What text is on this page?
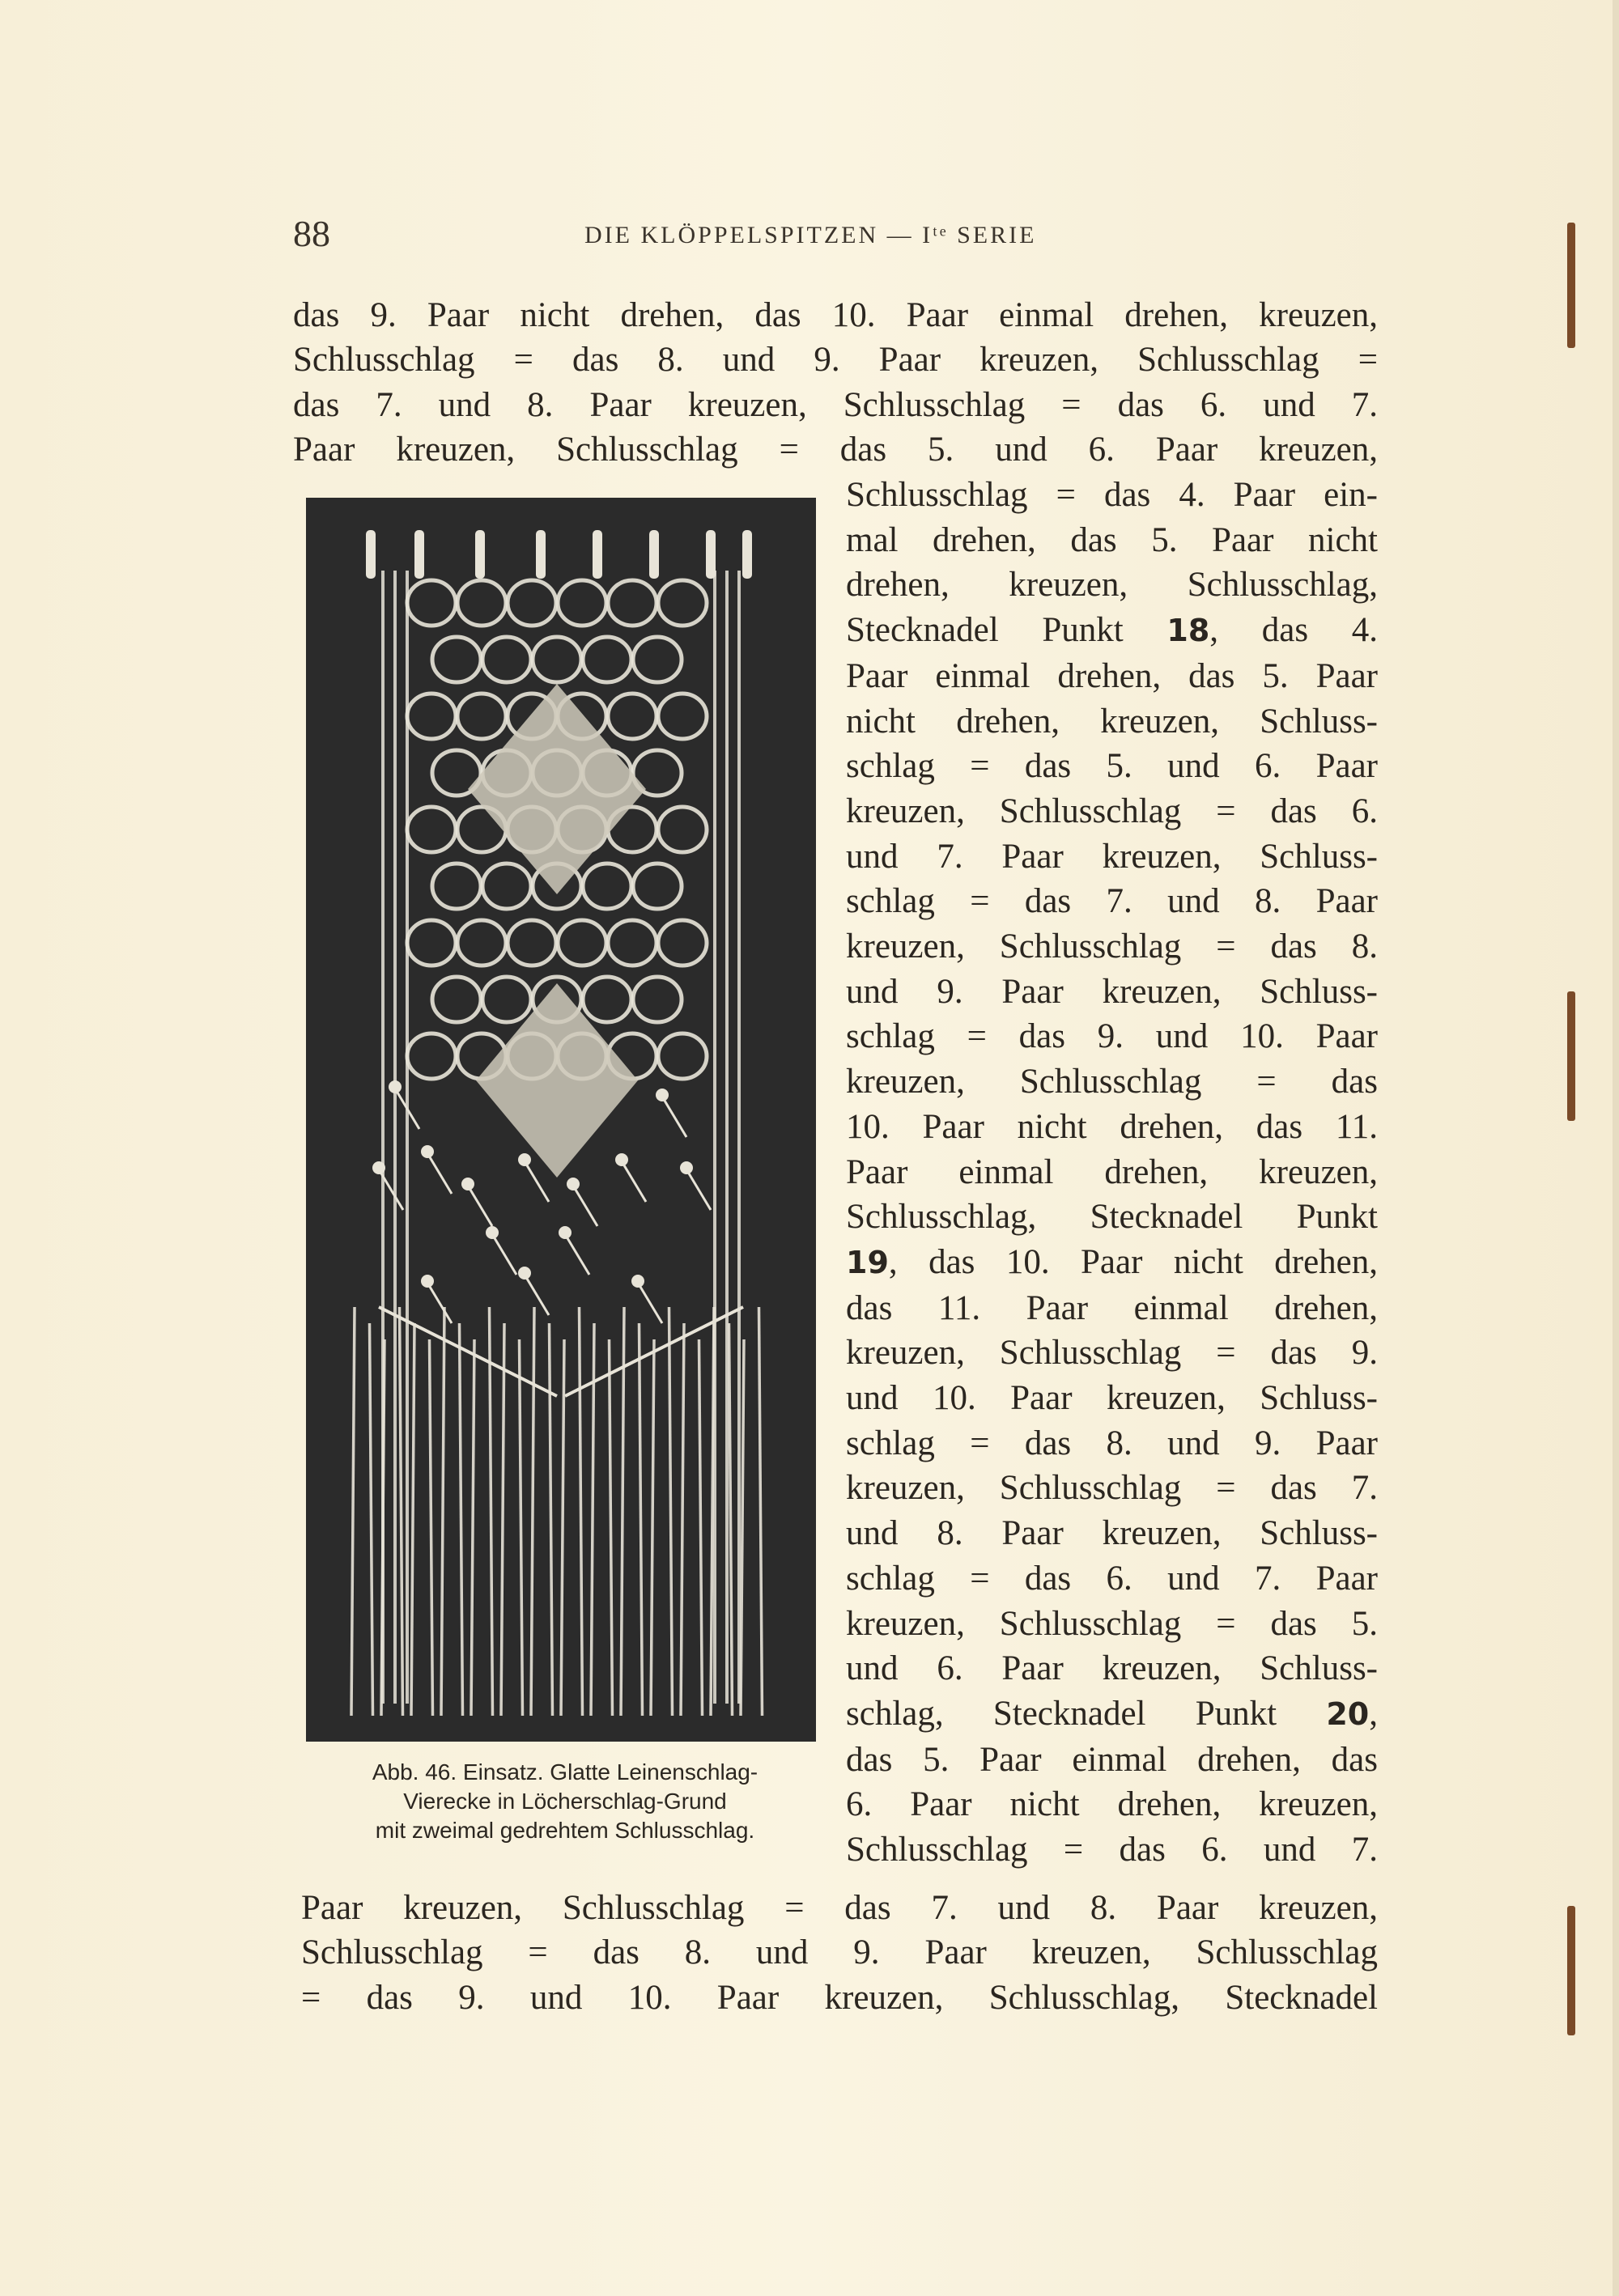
88	DIE KLÖPPELSPITZEN — Iᵗᵉ SERIE
das 9. Paar nicht drehen, das 10. Paar einmal drehen, kreuzen,
Schlusschlag = das 8. und 9. Paar kreuzen, Schlusschlag =
das 7. und 8. Paar kreuzen, Schlusschlag = das 6. und 7.
Paar kreuzen, Schlusschlag = das 5. und 6. Paar kreuzen,
Abb. 46. Einsatz. Glatte Leinenschlag-
Vierecke in Löcherschlag-Grund
mit zweimal gedrehtem Schlusschlag.
Schlusschlag = das 4. Paar ein-
mal drehen, das 5. Paar nicht
drehen, kreuzen, Schlusschlag,
Stecknadel Punkt 18, das 4.
Paar einmal drehen, das 5. Paar
nicht drehen, kreuzen, Schluss-
schlag = das 5. und 6. Paar
kreuzen, Schlusschlag = das 6.
und 7. Paar kreuzen, Schluss-
schlag = das 7. und 8. Paar
kreuzen, Schlusschlag = das 8.
und 9. Paar kreuzen, Schluss-
schlag = das 9. und 10. Paar
kreuzen, Schlusschlag = das
10. Paar nicht drehen, das 11.
Paar einmal drehen, kreuzen,
Schlusschlag, Stecknadel Punkt
19, das 10. Paar nicht drehen,
das 11. Paar einmal drehen,
kreuzen, Schlusschlag = das 9.
und 10. Paar kreuzen, Schluss-
schlag = das 8. und 9. Paar
kreuzen, Schlusschlag = das 7.
und 8. Paar kreuzen, Schluss-
schlag = das 6. und 7. Paar
kreuzen, Schlusschlag = das 5.
und 6. Paar kreuzen, Schluss-
schlag, Stecknadel Punkt 20,
das 5. Paar einmal drehen, das
6. Paar nicht drehen, kreuzen,
Schlusschlag = das 6. und 7.
Paar kreuzen, Schlusschlag = das 7. und 8. Paar kreuzen,
Schlusschlag = das 8. und 9. Paar kreuzen, Schlusschlag
= das 9. und 10. Paar kreuzen, Schlusschlag, Stecknadel
